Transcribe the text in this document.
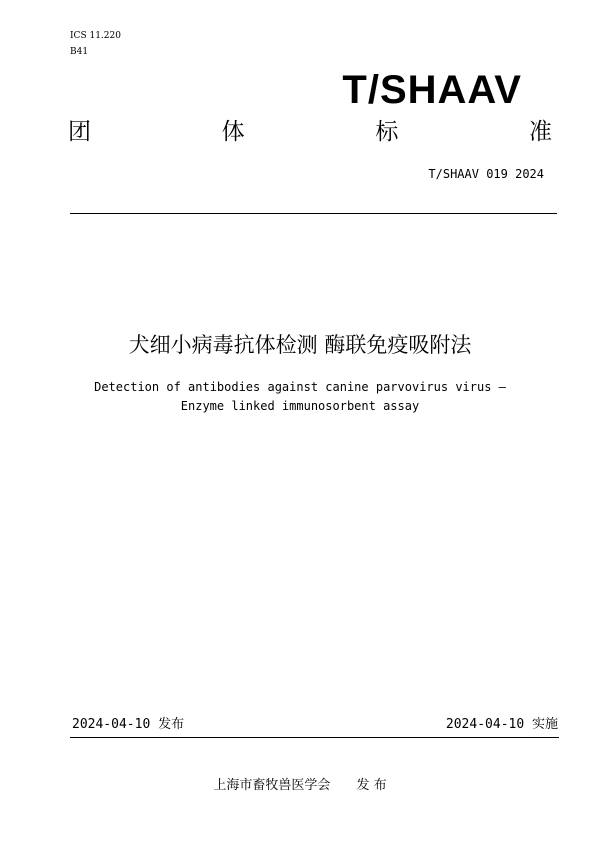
ICS 11.220
B41
T/SHAAV
团	体	标	准
T/SHAAV 019 2024
犬细小病毒抗体检测 酶联免疫吸附法
Detection of antibodies against canine parvovirus virus —
Enzyme linked immunosorbent assay
2024-04-10 发布	2024-04-10 实施
上海市畜牧兽医学会 发 布
